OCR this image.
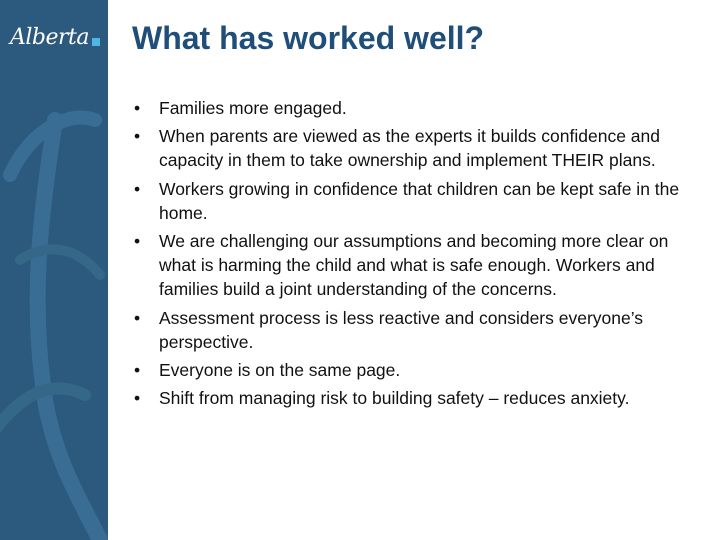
Alberta What has worked well?
• Families more engaged.
• When parents are viewed as the experts it builds confidence and capacity in them to take ownership and implement THEIR plans.
• Workers growing in confidence that children can be kept safe in the home.
• We are challenging our assumptions and becoming more clear on what is harming the child and what is safe enough. Workers and families build a joint understanding of the concerns.
• Assessment process is less reactive and considers everyone’s perspective.
• Everyone is on the same page.
• Shift from managing risk to building safety – reduces anxiety.
